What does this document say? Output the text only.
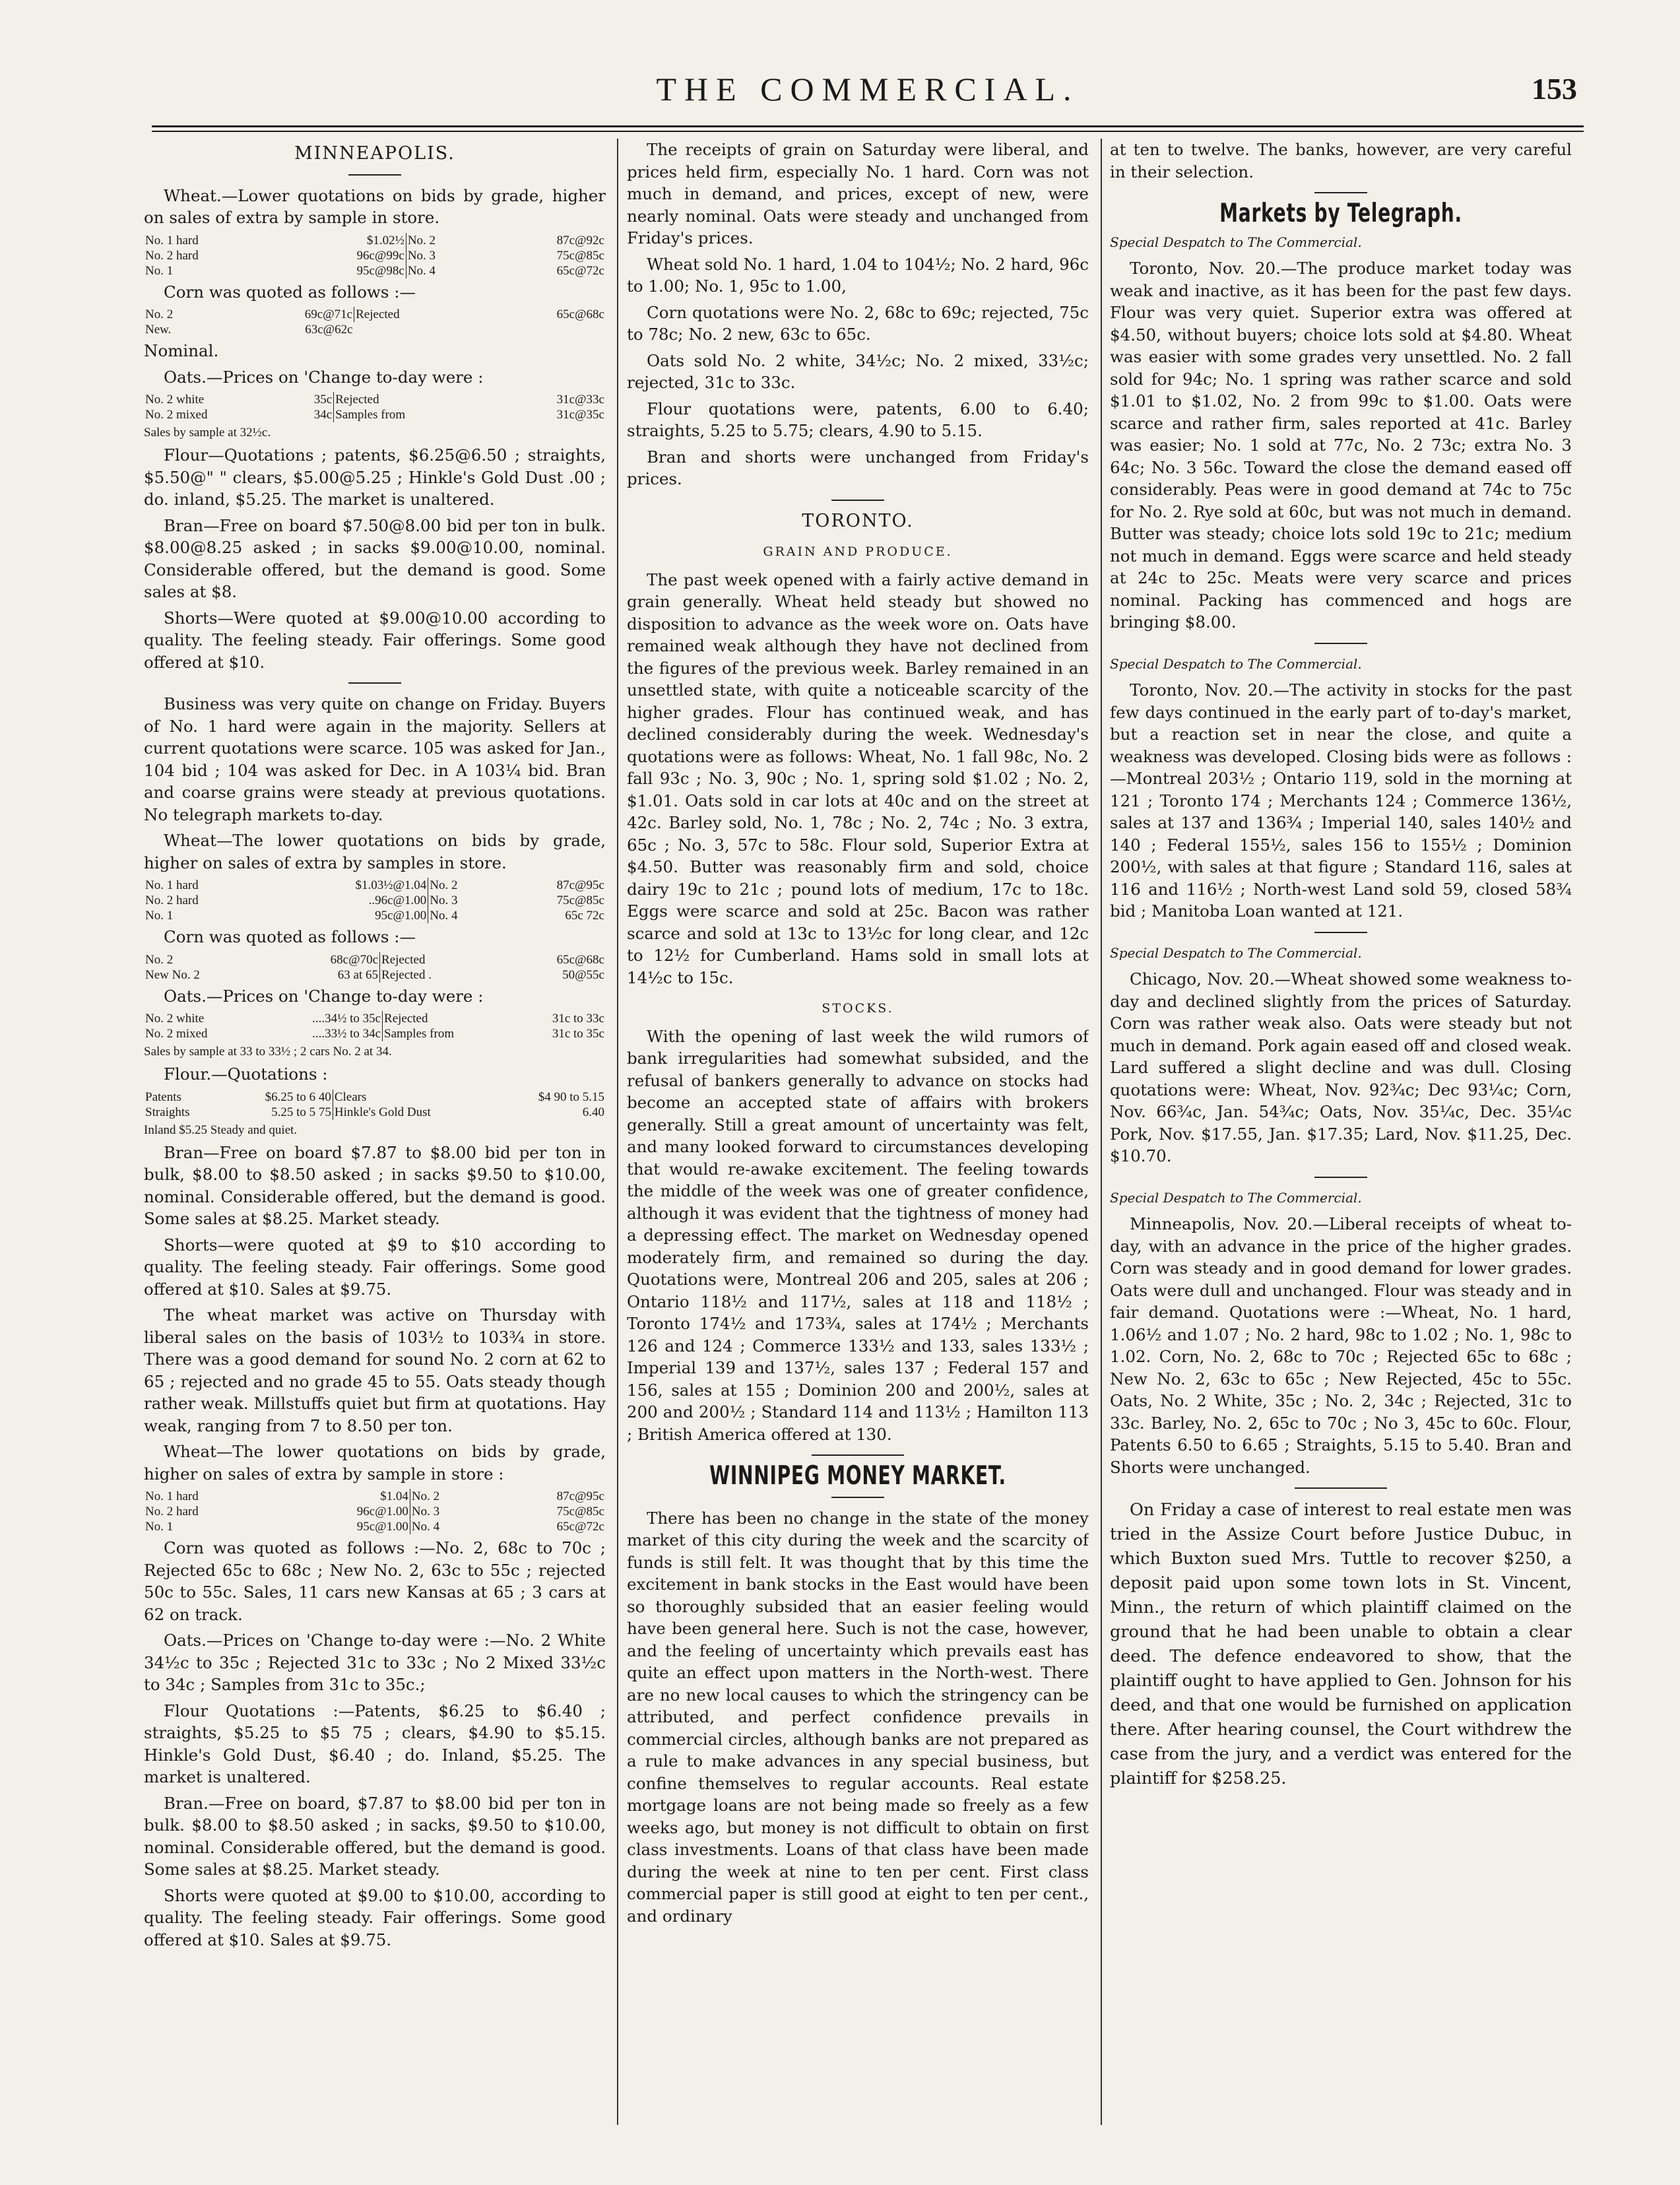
THE COMMERCIAL.	153
MINNEAPOLIS.

Wheat.—Lower quotations on bids by grade, higher on sales of extra by sample in store.

No. 1 hard	$1.02½	No. 2	87c@92c
No. 2 hard	96c@99c	No. 3	75c@85c
No. 1	95c@98c	No. 4	65c@72c

Corn was quoted as follows :—

No. 2	69c@71c	Rejected	65c@68c
New.	63c@62c		

Nominal.

Oats.—Prices on 'Change to-day were :

No. 2 white	35c	Rejected	31c@33c
No. 2 mixed	34c	Samples from	31c@35c
Sales by sample at 32½c.

Flour—Quotations ; patents, $6.25@6.50 ; straights, $5.50@" " clears, $5.00@5.25 ; Hinkle's Gold Dust .00 ; do. inland, $5.25. The market is unaltered.

Bran—Free on board $7.50@8.00 bid per ton in bulk. $8.00@8.25 asked ; in sacks $9.00@10.00, nominal. Considerable offered, but the demand is good. Some sales at $8.

Shorts—Were quoted at $9.00@10.00 according to quality. The feeling steady. Fair offerings. Some good offered at $10.

Business was very quite on change on Friday. Buyers of No. 1 hard were again in the majority. Sellers at current quotations were scarce. 105 was asked for Jan., 104 bid ; 104 was asked for Dec. in A 103¼ bid. Bran and coarse grains were steady at previous quotations. No telegraph markets to-day.

Wheat—The lower quotations on bids by grade, higher on sales of extra by samples in store.

No. 1 hard	$1.03½@1.04	No. 2	87c@95c
No. 2 hard	..96c@1.00	No. 3	75c@85c
No. 1	95c@1.00	No. 4	65c 72c

Corn was quoted as follows :—

No. 2	68c@70c	Rejected	65c@68c
New No. 2	63 at 65	Rejected .	50@55c

Oats.—Prices on 'Change to-day were :

No. 2 white	....34½ to 35c	Rejected	31c to 33c
No. 2 mixed	....33½ to 34c	Samples from	31c to 35c
Sales by sample at 33 to 33½ ; 2 cars No. 2 at 34.

Flour.—Quotations :

Patents	$6.25 to 6 40	Clears	$4 90 to 5.15
Straights	5.25 to 5 75	Hinkle's Gold Dust	6.40
Inland $5.25 Steady and quiet.

Bran—Free on board $7.87 to $8.00 bid per ton in bulk, $8.00 to $8.50 asked ; in sacks $9.50 to $10.00, nominal. Considerable offered, but the demand is good. Some sales at $8.25. Market steady.

Shorts—were quoted at $9 to $10 according to quality. The feeling steady. Fair offerings. Some good offered at $10. Sales at $9.75.

The wheat market was active on Thursday with liberal sales on the basis of 103½ to 103¾ in store. There was a good demand for sound No. 2 corn at 62 to 65 ; rejected and no grade 45 to 55. Oats steady though rather weak. Millstuffs quiet but firm at quotations. Hay weak, ranging from 7 to 8.50 per ton.

Wheat—The lower quotations on bids by grade, higher on sales of extra by sample in store :

No. 1 hard	$1.04	No. 2	87c@95c
No. 2 hard	96c@1.00	No. 3	75c@85c
No. 1	95c@1.00	No. 4	65c@72c

Corn was quoted as follows :—No. 2, 68c to 70c ; Rejected 65c to 68c ; New No. 2, 63c to 55c ; rejected 50c to 55c. Sales, 11 cars new Kansas at 65 ; 3 cars at 62 on track.

Oats.—Prices on 'Change to-day were :—No. 2 White 34½c to 35c ; Rejected 31c to 33c ; No 2 Mixed 33½c to 34c ; Samples from 31c to 35c.;

Flour Quotations :—Patents, $6.25 to $6.40 ; straights, $5.25 to $5 75 ; clears, $4.90 to $5.15. Hinkle's Gold Dust, $6.40 ; do. Inland, $5.25. The market is unaltered.

Bran.—Free on board, $7.87 to $8.00 bid per ton in bulk. $8.00 to $8.50 asked ; in sacks, $9.50 to $10.00, nominal. Considerable offered, but the demand is good. Some sales at $8.25. Market steady.

Shorts were quoted at $9.00 to $10.00, according to quality. The feeling steady. Fair offerings. Some good offered at $10. Sales at $9.75.

The receipts of grain on Saturday were liberal, and prices held firm, especially No. 1 hard. Corn was not much in demand, and prices, except of new, were nearly nominal. Oats were steady and unchanged from Friday's prices.

Wheat sold No. 1 hard, 1.04 to 104½; No. 2 hard, 96c to 1.00; No. 1, 95c to 1.00,

Corn quotations were No. 2, 68c to 69c; rejected, 75c to 78c; No. 2 new, 63c to 65c.

Oats sold No. 2 white, 34½c; No. 2 mixed, 33½c; rejected, 31c to 33c.

Flour quotations were, patents, 6.00 to 6.40; straights, 5.25 to 5.75; clears, 4.90 to 5.15.

Bran and shorts were unchanged from Friday's prices.

TORONTO.
GRAIN AND PRODUCE.

The past week opened with a fairly active demand in grain generally. Wheat held steady but showed no disposition to advance as the week wore on. Oats have remained weak although they have not declined from the figures of the previous week. Barley remained in an unsettled state, with quite a noticeable scarcity of the higher grades. Flour has continued weak, and has declined considerably during the week. Wednesday's quotations were as follows: Wheat, No. 1 fall 98c, No. 2 fall 93c ; No. 3, 90c ; No. 1, spring sold $1.02 ; No. 2, $1.01. Oats sold in car lots at 40c and on the street at 42c. Barley sold, No. 1, 78c ; No. 2, 74c ; No. 3 extra, 65c ; No. 3, 57c to 58c. Flour sold, Superior Extra at $4.50. Butter was reasonably firm and sold, choice dairy 19c to 21c ; pound lots of medium, 17c to 18c. Eggs were scarce and sold at 25c. Bacon was rather scarce and sold at 13c to 13½c for long clear, and 12c to 12½ for Cumberland. Hams sold in small lots at 14½c to 15c.

STOCKS.

With the opening of last week the wild rumors of bank irregularities had somewhat subsided, and the refusal of bankers generally to advance on stocks had become an accepted state of affairs with brokers generally. Still a great amount of uncertainty was felt, and many looked forward to circumstances developing that would re-awake excitement. The feeling towards the middle of the week was one of greater confidence, although it was evident that the tightness of money had a depressing effect. The market on Wednesday opened moderately firm, and remained so during the day. Quotations were, Montreal 206 and 205, sales at 206 ; Ontario 118½ and 117½, sales at 118 and 118½ ; Toronto 174½ and 173¾, sales at 174½ ; Merchants 126 and 124 ; Commerce 133½ and 133, sales 133½ ; Imperial 139 and 137½, sales 137 ; Federal 157 and 156, sales at 155 ; Dominion 200 and 200½, sales at 200 and 200½ ; Standard 114 and 113½ ; Hamilton 113 ; British America offered at 130.

WINNIPEG MONEY MARKET.

There has been no change in the state of the money market of this city during the week and the scarcity of funds is still felt. It was thought that by this time the excitement in bank stocks in the East would have been so thoroughly subsided that an easier feeling would have been general here. Such is not the case, however, and the feeling of uncertainty which prevails east has quite an effect upon matters in the North-west. There are no new local causes to which the stringency can be attributed, and perfect confidence prevails in commercial circles, although banks are not prepared as a rule to make advances in any special business, but confine themselves to regular accounts. Real estate mortgage loans are not being made so freely as a few weeks ago, but money is not difficult to obtain on first class investments. Loans of that class have been made during the week at nine to ten per cent. First class commercial paper is still good at eight to ten per cent., and ordinary

at ten to twelve. The banks, however, are very careful in their selection.

Markets by Telegraph.
Special Despatch to The Commercial.

Toronto, Nov. 20.—The produce market today was weak and inactive, as it has been for the past few days. Flour was very quiet. Superior extra was offered at $4.50, without buyers; choice lots sold at $4.80. Wheat was easier with some grades very unsettled. No. 2 fall sold for 94c; No. 1 spring was rather scarce and sold $1.01 to $1.02, No. 2 from 99c to $1.00. Oats were scarce and rather firm, sales reported at 41c. Barley was easier; No. 1 sold at 77c, No. 2 73c; extra No. 3 64c; No. 3 56c. Toward the close the demand eased off considerably. Peas were in good demand at 74c to 75c for No. 2. Rye sold at 60c, but was not much in demand. Butter was steady; choice lots sold 19c to 21c; medium not much in demand. Eggs were scarce and held steady at 24c to 25c. Meats were very scarce and prices nominal. Packing has commenced and hogs are bringing $8.00.

Special Despatch to The Commercial.

Toronto, Nov. 20.—The activity in stocks for the past few days continued in the early part of to-day's market, but a reaction set in near the close, and quite a weakness was developed. Closing bids were as follows :—Montreal 203½ ; Ontario 119, sold in the morning at 121 ; Toronto 174 ; Merchants 124 ; Commerce 136½, sales at 137 and 136¾ ; Imperial 140, sales 140½ and 140 ; Federal 155½, sales 156 to 155½ ; Dominion 200½, with sales at that figure ; Standard 116, sales at 116 and 116½ ; North-west Land sold 59, closed 58¾ bid ; Manitoba Loan wanted at 121.

Special Despatch to The Commercial.

Chicago, Nov. 20.—Wheat showed some weakness to-day and declined slightly from the prices of Saturday. Corn was rather weak also. Oats were steady but not much in demand. Pork again eased off and closed weak. Lard suffered a slight decline and was dull. Closing quotations were: Wheat, Nov. 92¾c; Dec 93¼c; Corn, Nov. 66¾c, Jan. 54¾c; Oats, Nov. 35¼c, Dec. 35¼c Pork, Nov. $17.55, Jan. $17.35; Lard, Nov. $11.25, Dec. $10.70.

Special Despatch to The Commercial.

Minneapolis, Nov. 20.—Liberal receipts of wheat to-day, with an advance in the price of the higher grades. Corn was steady and in good demand for lower grades. Oats were dull and unchanged. Flour was steady and in fair demand. Quotations were :—Wheat, No. 1 hard, 1.06½ and 1.07 ; No. 2 hard, 98c to 1.02 ; No. 1, 98c to 1.02. Corn, No. 2, 68c to 70c ; Rejected 65c to 68c ; New No. 2, 63c to 65c ; New Rejected, 45c to 55c. Oats, No. 2 White, 35c ; No. 2, 34c ; Rejected, 31c to 33c. Barley, No. 2, 65c to 70c ; No 3, 45c to 60c. Flour, Patents 6.50 to 6.65 ; Straights, 5.15 to 5.40. Bran and Shorts were unchanged.

On Friday a case of interest to real estate men was tried in the Assize Court before Justice Dubuc, in which Buxton sued Mrs. Tuttle to recover $250, a deposit paid upon some town lots in St. Vincent, Minn., the return of which plaintiff claimed on the ground that he had been unable to obtain a clear deed. The defence endeavored to show, that the plaintiff ought to have applied to Gen. Johnson for his deed, and that one would be furnished on application there. After hearing counsel, the Court withdrew the case from the jury, and a verdict was entered for the plaintiff for $258.25.
